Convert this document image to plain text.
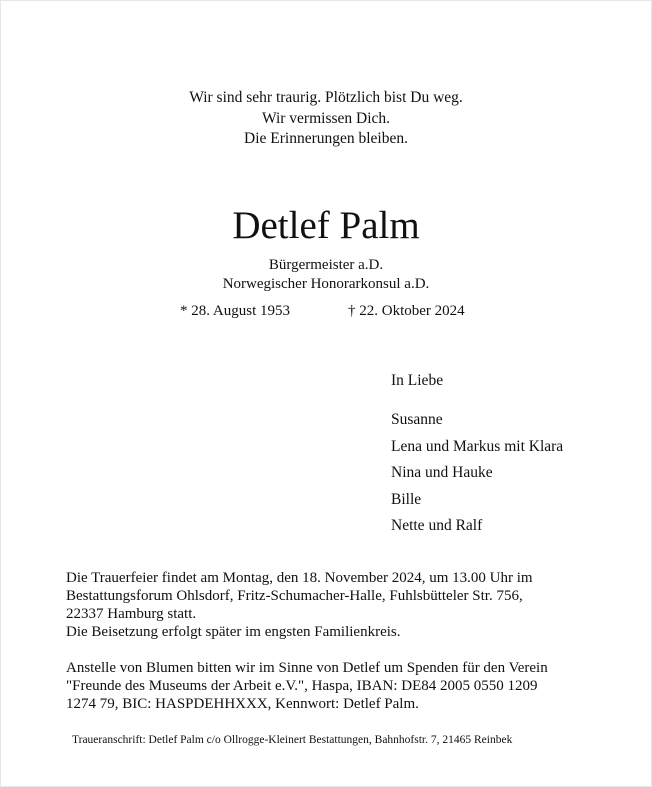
Wir sind sehr traurig. Plötzlich bist Du weg.
Wir vermissen Dich.
Die Erinnerungen bleiben.
Detlef Palm
Bürgermeister a.D.
Norwegischer Honorarkonsul a.D.
* 28. August 1953	† 22. Oktober 2024
In Liebe
Susanne
Lena und Markus mit Klara
Nina und Hauke
Bille
Nette und Ralf

Die Trauerfeier findet am Montag, den 18. November 2024, um 13.00 Uhr im

Bestattungsforum Ohlsdorf, Fritz-Schumacher-Halle, Fuhlsbütteler Str. 756,

22337 Hamburg statt.

Die Beisetzung erfolgt später im engsten Familienkreis.

Anstelle von Blumen bitten wir im Sinne von Detlef um Spenden für den Verein

"Freunde des Museums der Arbeit e.V.", Haspa, IBAN: DE84 2005 0550 1209

1274 79, BIC: HASPDEHHXXX, Kennwort: Detlef Palm.

Traueranschrift: Detlef Palm c/o Ollrogge-Kleinert Bestattungen, Bahnhofstr. 7, 21465 Reinbek
